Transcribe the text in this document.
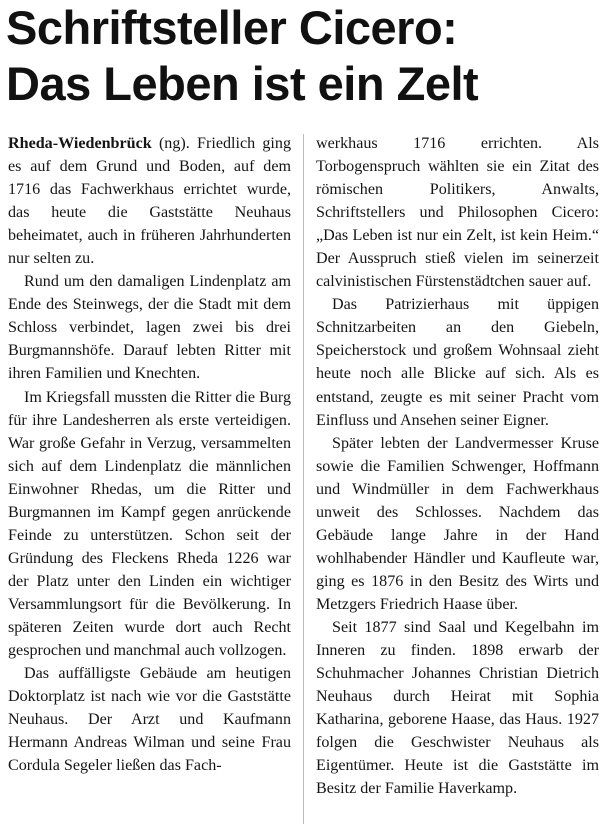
Schriftsteller Cicero:
Das Leben ist ein Zelt

Rheda-Wiedenbrück (ng). Friedlich ging es auf dem Grund und Boden, auf dem 1716 das Fachwerkhaus errichtet wurde, das heute die Gaststätte Neuhaus beheimatet, auch in früheren Jahrhunderten nur selten zu.

Rund um den damaligen Lindenplatz am Ende des Steinwegs, der die Stadt mit dem Schloss verbindet, lagen zwei bis drei Burgmannshöfe. Darauf lebten Ritter mit ihren Familien und Knechten.

Im Kriegsfall mussten die Ritter die Burg für ihre Landesherren als erste verteidigen. War große Gefahr in Verzug, versammelten sich auf dem Lindenplatz die männlichen Einwohner Rhedas, um die Ritter und Burgmannen im Kampf gegen anrückende Feinde zu unterstützen. Schon seit der Gründung des Fleckens Rheda 1226 war der Platz unter den Linden ein wichtiger Versammlungsort für die Bevölkerung. In späteren Zeiten wurde dort auch Recht gesprochen und manchmal auch vollzogen.

Das auffälligste Gebäude am heutigen Doktorplatz ist nach wie vor die Gaststätte Neuhaus. Der Arzt und Kaufmann Hermann Andreas Wilman und seine Frau Cordula Segeler ließen das Fach-

werkhaus 1716 errichten. Als Torbogenspruch wählten sie ein Zitat des römischen Politikers, Anwalts, Schriftstellers und Philosophen Cicero: „Das Leben ist nur ein Zelt, ist kein Heim.“ Der Ausspruch stieß vielen im seinerzeit calvinistischen Fürstenstädtchen sauer auf.

Das Patrizierhaus mit üppigen Schnitzarbeiten an den Giebeln, Speicherstock und großem Wohnsaal zieht heute noch alle Blicke auf sich. Als es entstand, zeugte es mit seiner Pracht vom Einfluss und Ansehen seiner Eigner.

Später lebten der Landvermesser Kruse sowie die Familien Schwenger, Hoffmann und Windmüller in dem Fachwerkhaus unweit des Schlosses. Nachdem das Gebäude lange Jahre in der Hand wohlhabender Händler und Kaufleute war, ging es 1876 in den Besitz des Wirts und Metzgers Friedrich Haase über.

Seit 1877 sind Saal und Kegelbahn im Inneren zu finden. 1898 erwarb der Schuhmacher Johannes Christian Dietrich Neuhaus durch Heirat mit Sophia Katharina, geborene Haase, das Haus. 1927 folgen die Geschwister Neuhaus als Eigentümer. Heute ist die Gaststätte im Besitz der Familie Haverkamp.
